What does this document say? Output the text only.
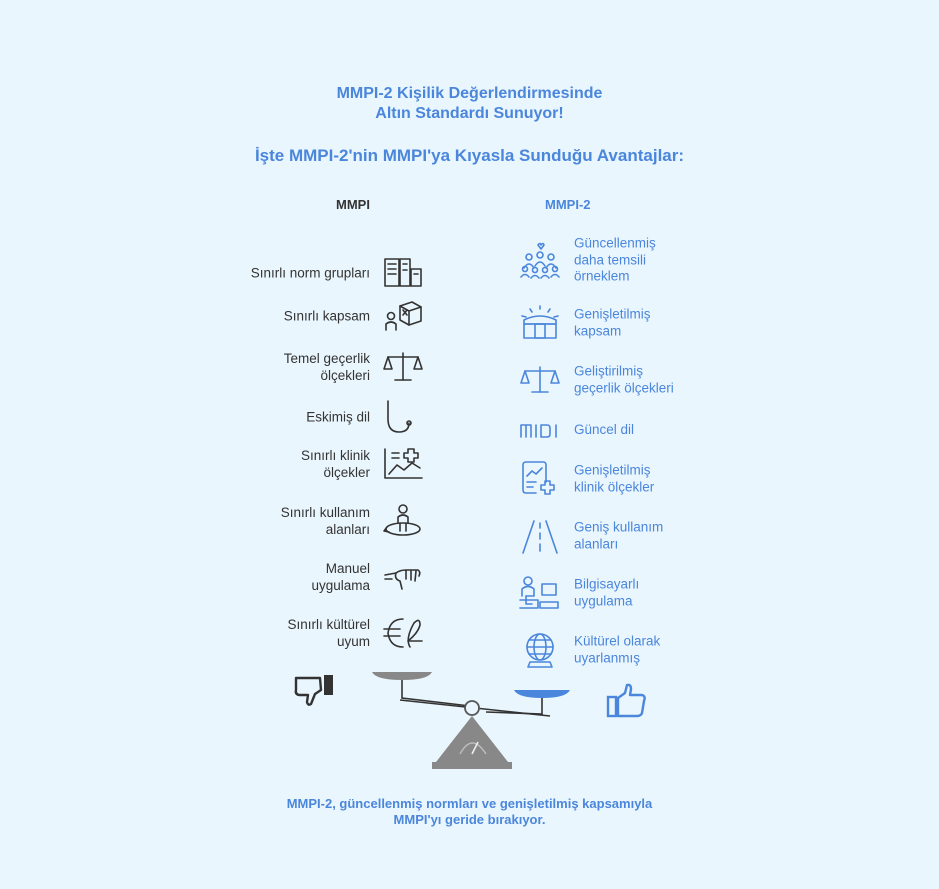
MMPI-2 Kişilik Değerlendirmesinde
Altın Standardı Sunuyor!
İşte MMPI-2'nin MMPI'ya Kıyasla Sunduğu Avantajlar:
MMPI	MMPI-2
Sınırlı norm grupları
Sınırlı kapsam
Temel geçerlik
ölçekleri
Eskimiş dil
Sınırlı klinik
ölçekler
Sınırlı kullanım
alanları
Manuel
uygulama
Sınırlı kültürel
uyum
Güncellenmiş
daha temsili
örneklem
Genişletilmiş
kapsam
Geliştirilmiş
geçerlik ölçekleri
Güncel dil
Genişletilmiş
klinik ölçekler
Geniş kullanım
alanları
Bilgisayarlı
uygulama
Kültürel olarak
uyarlanmış
MMPI-2, güncellenmiş normları ve genişletilmiş kapsamıyla
MMPI'yı geride bırakıyor.
